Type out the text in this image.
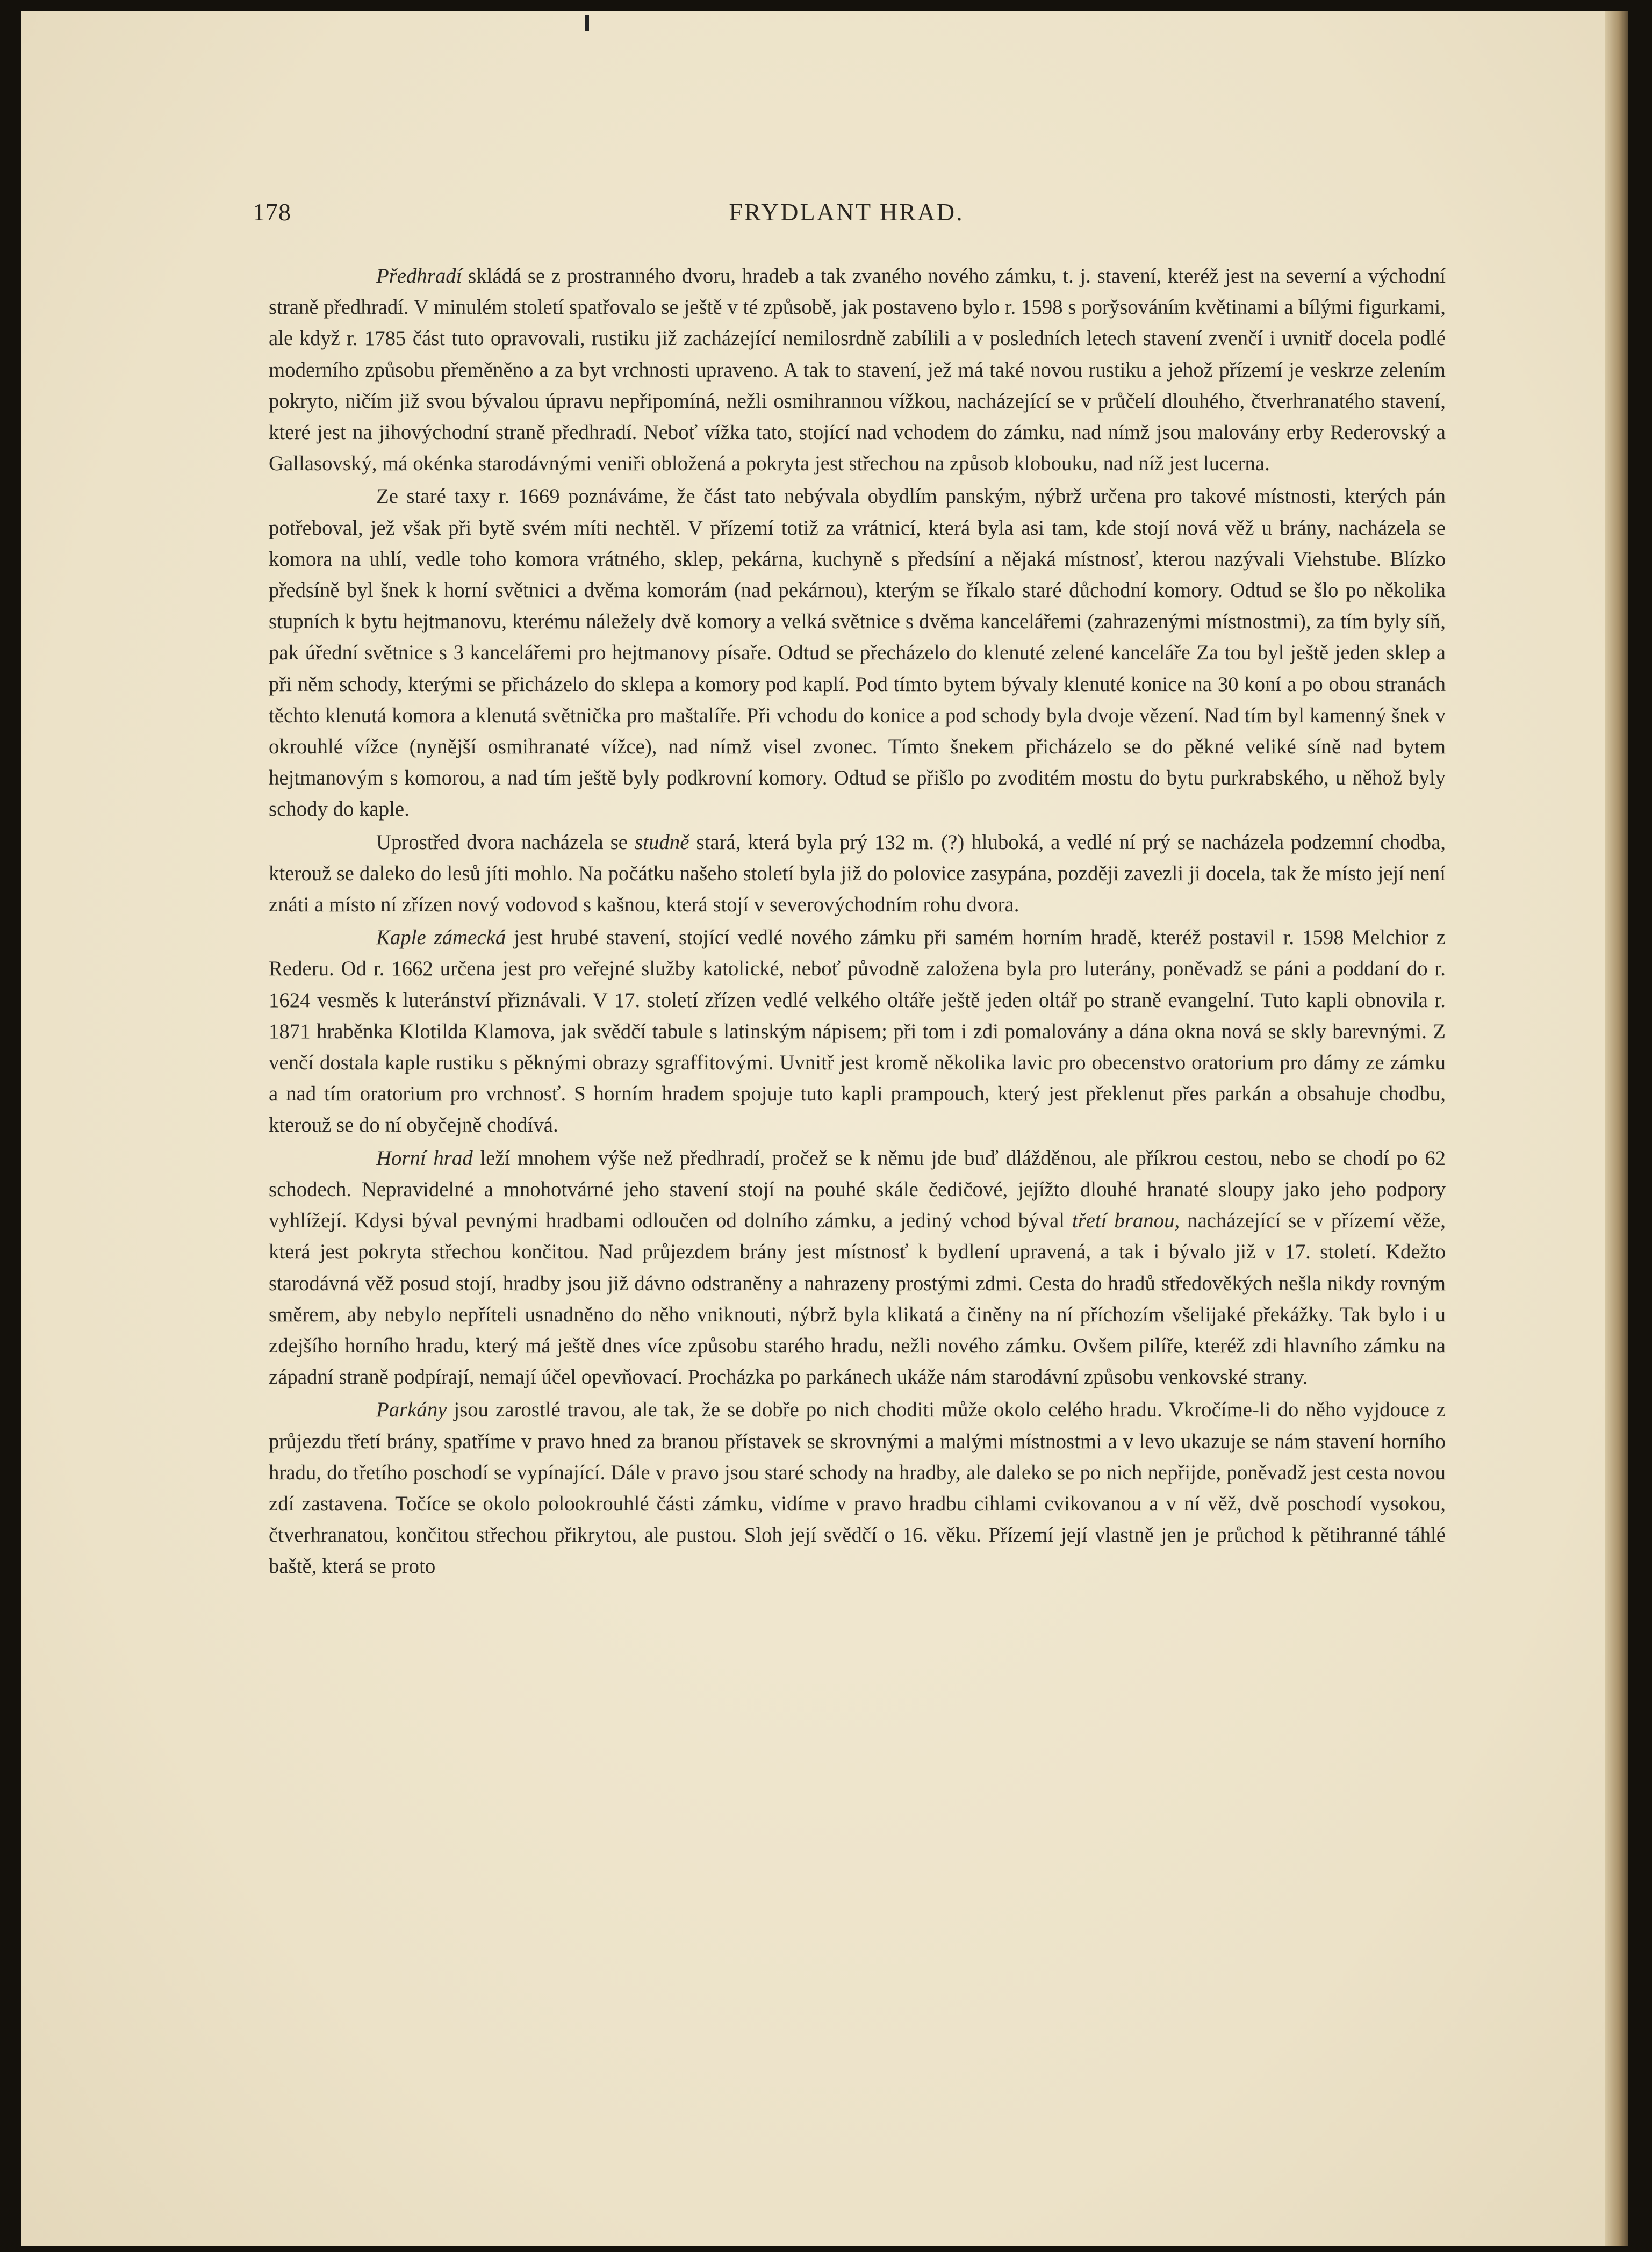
178	FRYDLANT HRAD.

Předhradí skládá se z prostranného dvoru, hradeb a tak zvaného nového zámku, t. j. stavení, kteréž jest na severní a východní straně předhradí. V minulém století spatřovalo se ještě v té způsobě, jak postaveno bylo r. 1598 s pory̆sováním květinami a bílými figurkami, ale když r. 1785 část tuto opravovali, rustiku již zacházející nemilosrdně zabílili a v posledních letech stavení zvenčí i uvnitř docela podlé moderního způsobu přeměněno a za byt vrchnosti upraveno. A tak to stavení, jež má také novou rustiku a jehož přízemí je veskrze zelením pokryto, ničím již svou bývalou úpravu nepřipomíná, nežli osmihrannou vížkou, nacházející se v průčelí dlouhého, čtverhranatého stavení, které jest na jihovýchodní straně předhradí. Neboť vížka tato, stojící nad vchodem do zámku, nad nímž jsou malovány erby Rederovský a Gallasovský, má okénka starodávnými veniři obložená a pokryta jest střechou na způsob klobouku, nad níž jest lucerna.

Ze staré taxy r. 1669 poznáváme, že část tato nebývala obydlím panským, nýbrž určena pro takové místnosti, kterých pán potřeboval, jež však při bytě svém míti nechtěl. V přízemí totiž za vrátnicí, která byla asi tam, kde stojí nová věž u brány, nacházela se komora na uhlí, vedle toho komora vrátného, sklep, pekárna, kuchyně s předsíní a nějaká místnosť, kterou nazývali Viehstube. Blízko předsíně byl šnek k horní světnici a dvěma komorám (nad pekárnou), kterým se říkalo staré důchodní komory. Odtud se šlo po několika stupních k bytu hejtmanovu, kterému náležely dvě komory a velká světnice s dvěma kancelářemi (zahrazenými místnostmi), za tím byly síň, pak úřední světnice s 3 kancelářemi pro hejtmanovy písaře. Odtud se přecházelo do klenuté zelené kanceláře Za tou byl ještě jeden sklep a při něm schody, kterými se přicházelo do sklepa a komory pod kaplí. Pod tímto bytem bývaly klenuté konice na 30 koní a po obou stranách těchto klenutá komora a klenutá světnička pro maštalíře. Při vchodu do konice a pod schody byla dvoje vězení. Nad tím byl kamenný šnek v okrouhlé vížce (nynější osmihranaté vížce), nad nímž visel zvonec. Tímto šnekem přicházelo se do pěkné veliké síně nad bytem hejtmanovým s komorou, a nad tím ještě byly podkrovní komory. Odtud se přišlo po zvoditém mostu do bytu purkrabského, u něhož byly schody do kaple.

Uprostřed dvora nacházela se studně stará, která byla prý 132 m. (?) hluboká, a vedlé ní prý se nacházela podzemní chodba, kterouž se daleko do lesů jíti mohlo. Na počátku našeho století byla již do polovice zasypána, později zavezli ji docela, tak že místo její není znáti a místo ní zřízen nový vodovod s kašnou, která stojí v severovýchodním rohu dvora.

Kaple zámecká jest hrubé stavení, stojící vedlé nového zámku při samém horním hradě, kteréž postavil r. 1598 Melchior z Rederu. Od r. 1662 určena jest pro veřejné služby katolické, neboť původně založena byla pro luterány, poněvadž se páni a poddaní do r. 1624 vesměs k luteránství přiznávali. V 17. století zřízen vedlé velkého oltáře ještě jeden oltář po straně evangelní. Tuto kapli obnovila r. 1871 hraběnka Klotilda Klamova, jak svědčí tabule s latinským nápisem; při tom i zdi pomalovány a dána okna nová se skly barevnými. Z venčí dostala kaple rustiku s pěknými obrazy sgraffitovými. Uvnitř jest kromě několika lavic pro obecenstvo oratorium pro dámy ze zámku a nad tím oratorium pro vrchnosť. S horním hradem spojuje tuto kapli prampouch, který jest překlenut přes parkán a obsahuje chodbu, kterouž se do ní obyčejně chodívá.

Horní hrad leží mnohem výše než předhradí, pročež se k němu jde buď dlážděnou, ale příkrou cestou, nebo se chodí po 62 schodech. Nepravidelné a mnohotvárné jeho stavení stojí na pouhé skále čedičové, jejížto dlouhé hranaté sloupy jako jeho podpory vyhlížejí. Kdysi býval pevnými hradbami odloučen od dolního zámku, a jediný vchod býval třetí branou, nacházející se v přízemí věže, která jest pokryta střechou končitou. Nad průjezdem brány jest místnosť k bydlení upravená, a tak i bývalo již v 17. století. Kdežto starodávná věž posud stojí, hradby jsou již dávno odstraněny a nahrazeny prostými zdmi. Cesta do hradů středověkých nešla nikdy rovným směrem, aby nebylo nepříteli usnadněno do něho vniknouti, nýbrž byla klikatá a činěny na ní příchozím všelijaké překážky. Tak bylo i u zdejšího horního hradu, který má ještě dnes více způsobu starého hradu, nežli nového zámku. Ovšem pilíře, kteréž zdi hlavního zámku na západní straně podpírají, nemají účel opevňovací. Procházka po parkánech ukáže nám starodávní způsobu venkovské strany.

Parkány jsou zarostlé travou, ale tak, že se dobře po nich choditi může okolo celého hradu. Vkročíme-li do něho vyjdouce z průjezdu třetí brány, spatříme v pravo hned za branou přístavek se skrovnými a malými místnostmi a v levo ukazuje se nám stavení horního hradu, do třetího poschodí se vypínající. Dále v pravo jsou staré schody na hradby, ale daleko se po nich nepřijde, poněvadž jest cesta novou zdí zastavena. Točíce se okolo polookrouhlé části zámku, vidíme v pravo hradbu cihlami cvikovanou a v ní věž, dvě poschodí vysokou, čtverhranatou, končitou střechou přikrytou, ale pustou. Sloh její svědčí o 16. věku. Přízemí její vlastně jen je průchod k pětihranné táhlé baště, která se proto
